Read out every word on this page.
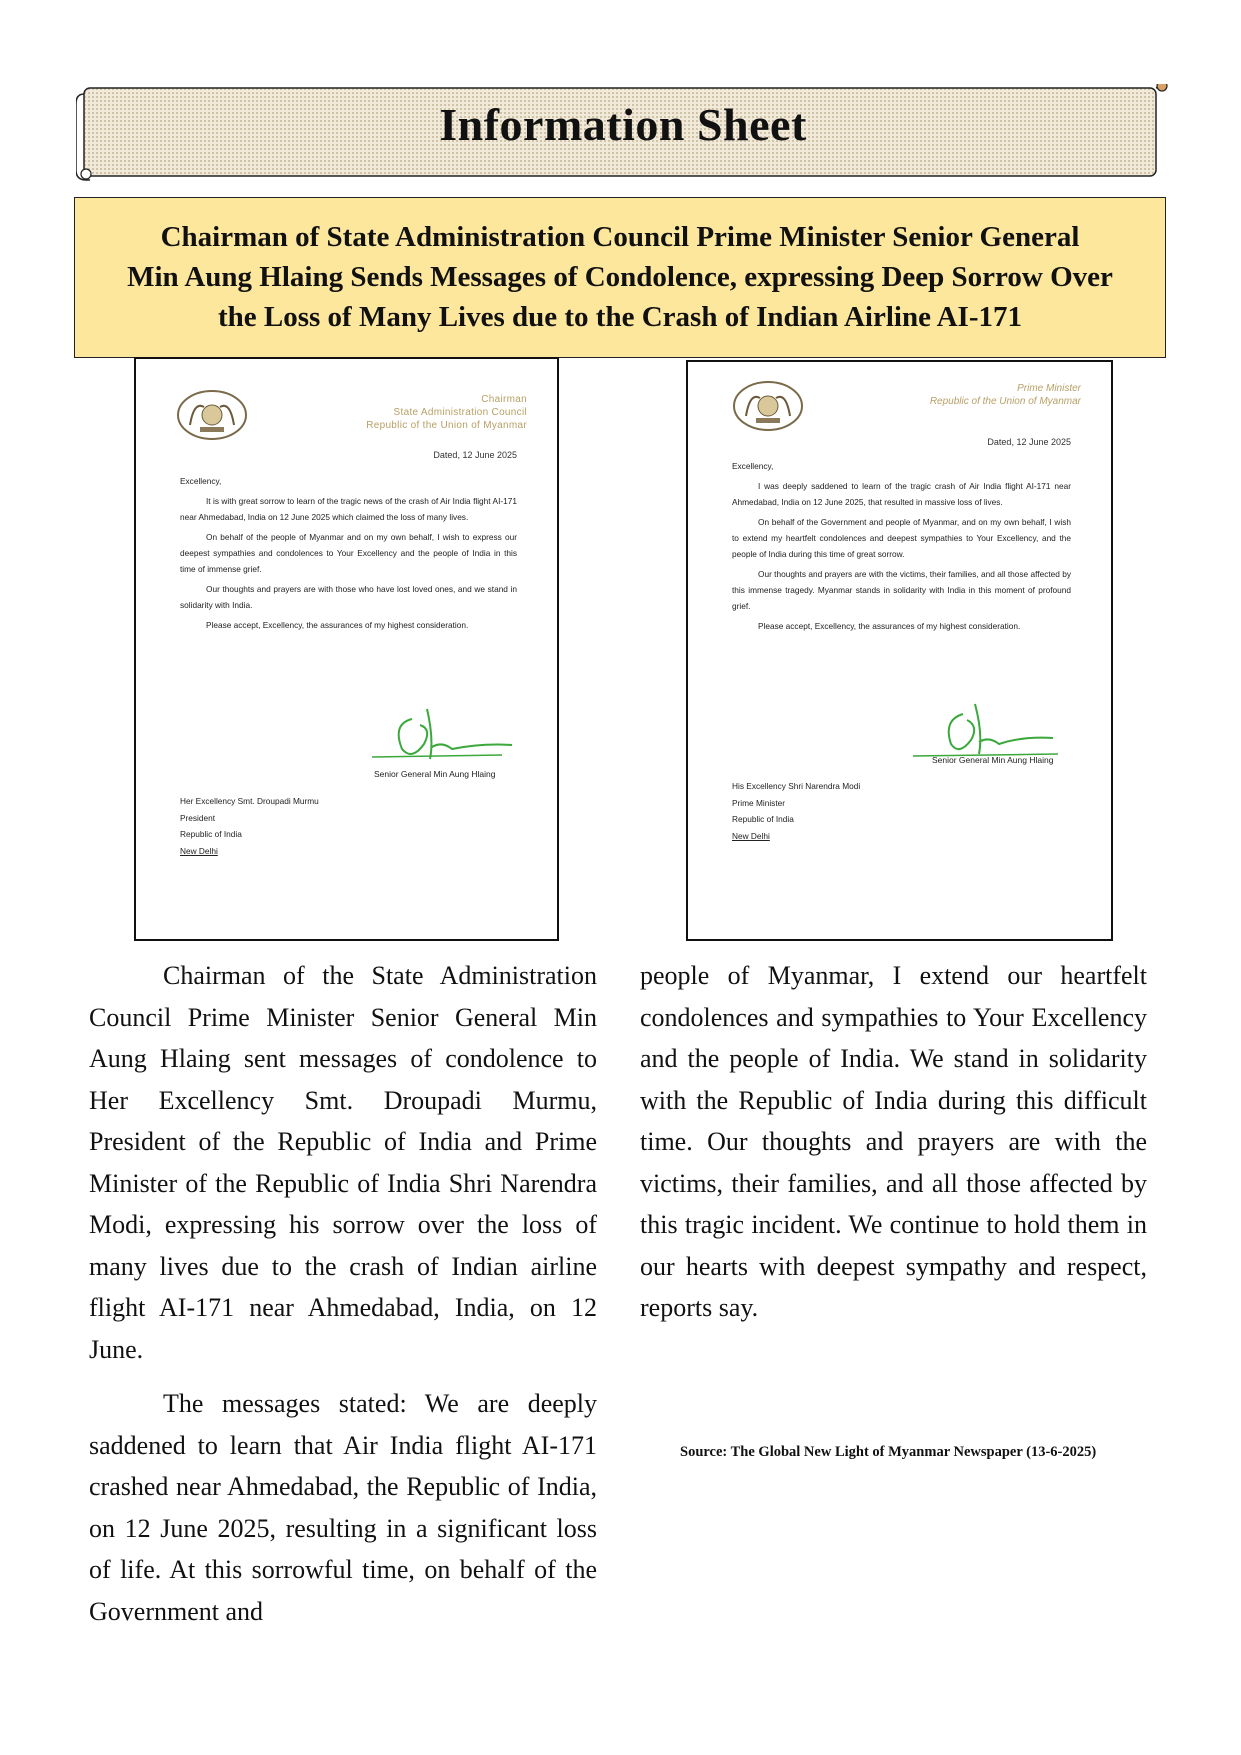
Information Sheet
Chairman of State Administration Council Prime Minister Senior General
Min Aung Hlaing Sends Messages of Condolence, expressing Deep Sorrow Over
the Loss of Many Lives due to the Crash of Indian Airline AI-171
Chairman
State Administration Council
Republic of the Union of Myanmar
Dated, 12 June 2025

Excellency,

It is with great sorrow to learn of the tragic news of the crash of Air India flight AI-171 near Ahmedabad, India on 12 June 2025 which claimed the loss of many lives.

On behalf of the people of Myanmar and on my own behalf, I wish to express our deepest sympathies and condolences to Your Excellency and the people of India in this time of immense grief.

Our thoughts and prayers are with those who have lost loved ones, and we stand in solidarity with India.

Please accept, Excellency, the assurances of my highest consideration.

Senior General Min Aung Hlaing
Her Excellency Smt. Droupadi Murmu
President
Republic of India
New Delhi
Prime Minister
Republic of the Union of Myanmar
Dated, 12 June 2025

Excellency,

I was deeply saddened to learn of the tragic crash of Air India flight AI-171 near Ahmedabad, India on 12 June 2025, that resulted in massive loss of lives.

On behalf of the Government and people of Myanmar, and on my own behalf, I wish to extend my heartfelt condolences and deepest sympathies to Your Excellency, and the people of India during this time of great sorrow.

Our thoughts and prayers are with the victims, their families, and all those affected by this immense tragedy. Myanmar stands in solidarity with India in this moment of profound grief.

Please accept, Excellency, the assurances of my highest consideration.

Senior General Min Aung Hlaing
His Excellency Shri Narendra Modi
Prime Minister
Republic of India
New Delhi

Chairman of the State Administration Council Prime Minister Senior General Min Aung Hlaing sent messages of condolence to Her Excellency Smt. Droupadi Murmu, President of the Republic of India and Prime Minister of the Republic of India Shri Narendra Modi, expressing his sorrow over the loss of many lives due to the crash of Indian airline flight AI-171 near Ahmedabad, India, on 12 June.

The messages stated: We are deeply saddened to learn that Air India flight AI-171 crashed near Ahmedabad, the Republic of India, on 12 June 2025, resulting in a significant loss of life. At this sorrowful time, on behalf of the Government and

people of Myanmar, I extend our heartfelt condolences and sympathies to Your Excellency and the people of India. We stand in solidarity with the Republic of India during this difficult time. Our thoughts and prayers are with the victims, their families, and all those affected by this tragic incident. We continue to hold them in our hearts with deepest sympathy and respect, reports say.

Source: The Global New Light of Myanmar Newspaper (13-6-2025)
